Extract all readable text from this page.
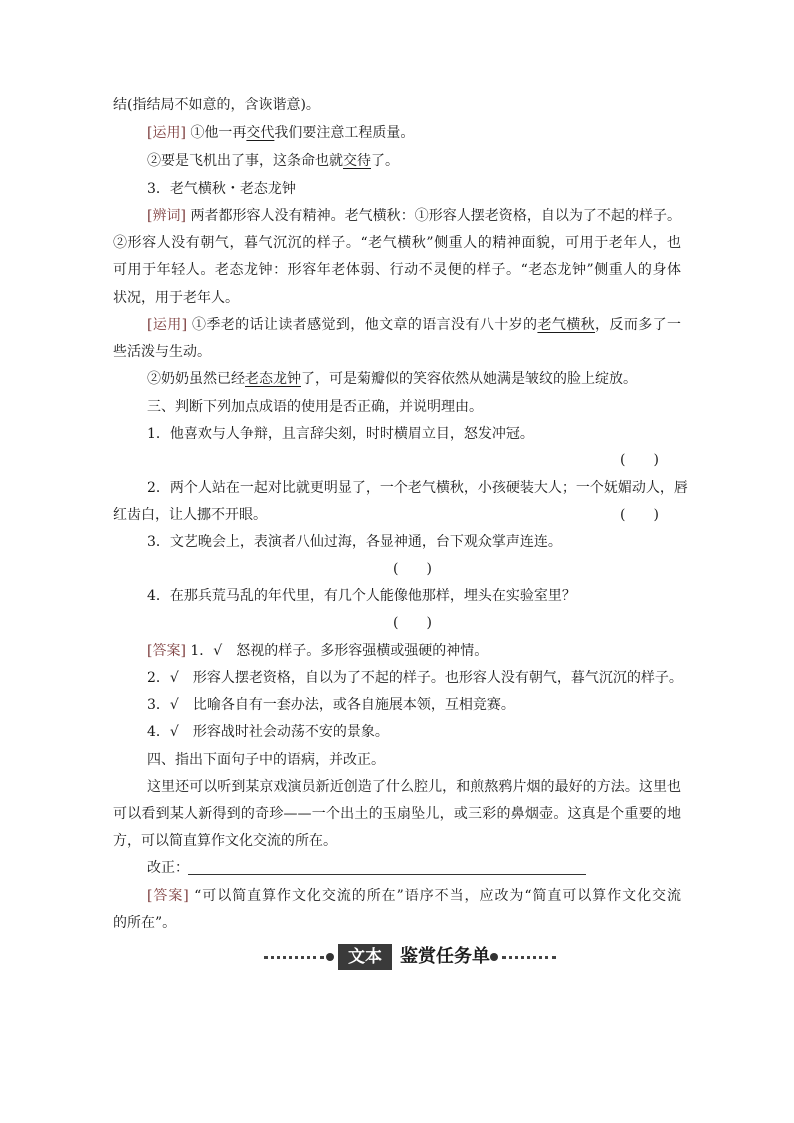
结(指结局不如意的，含诙谐意)。
[运用] ①他一再交代我们要注意工程质量。
②要是飞机出了事，这条命也就交待了。
3．老气横秋・老态龙钟
[辨词] 两者都形容人没有精神。老气横秋：①形容人摆老资格，自以为了不起的样子。
②形容人没有朝气，暮气沉沉的样子。“老气横秋”侧重人的精神面貌，可用于老年人，也
可用于年轻人。老态龙钟：形容年老体弱、行动不灵便的样子。“老态龙钟”侧重人的身体
状况，用于老年人。
[运用] ①季老的话让读者感觉到，他文章的语言没有八十岁的老气横秋，反而多了一
些活泼与生动。
②奶奶虽然已经老态龙钟了，可是菊瓣似的笑容依然从她满是皱纹的脸上绽放。
三、判断下列加点成语的使用是否正确，并说明理由。
1．他喜欢与人争辩，且言辞尖刻，时时横眉立目，怒发冲冠。
(　　)
2．两个人站在一起对比就更明显了，一个老气横秋，小孩硬装大人；一个妩媚动人，唇
红齿白，让人挪不开眼。	(　　)
3．文艺晚会上，表演者八仙过海，各显神通，台下观众掌声连连。
(　　)
4．在那兵荒马乱的年代里，有几个人能像他那样，埋头在实验室里？
(　　)
[答案] 1．√　怒视的样子。多形容强横或强硬的神情。
2．√　形容人摆老资格，自以为了不起的样子。也形容人没有朝气，暮气沉沉的样子。
3．√　比喻各自有一套办法，或各自施展本领，互相竞赛。
4．√　形容战时社会动荡不安的景象。
四、指出下面句子中的语病，并改正。
这里还可以听到某京戏演员新近创造了什么腔儿，和煎熬鸦片烟的最好的方法。这里也
可以看到某人新得到的奇珍——一个出土的玉扇坠儿，或三彩的鼻烟壶。这真是个重要的地
方，可以简直算作文化交流的所在。
改正：
[答案] “可以简直算作文化交流的所在”语序不当，应改为“简直可以算作文化交流
的所在”。
文本	鉴赏任务单
